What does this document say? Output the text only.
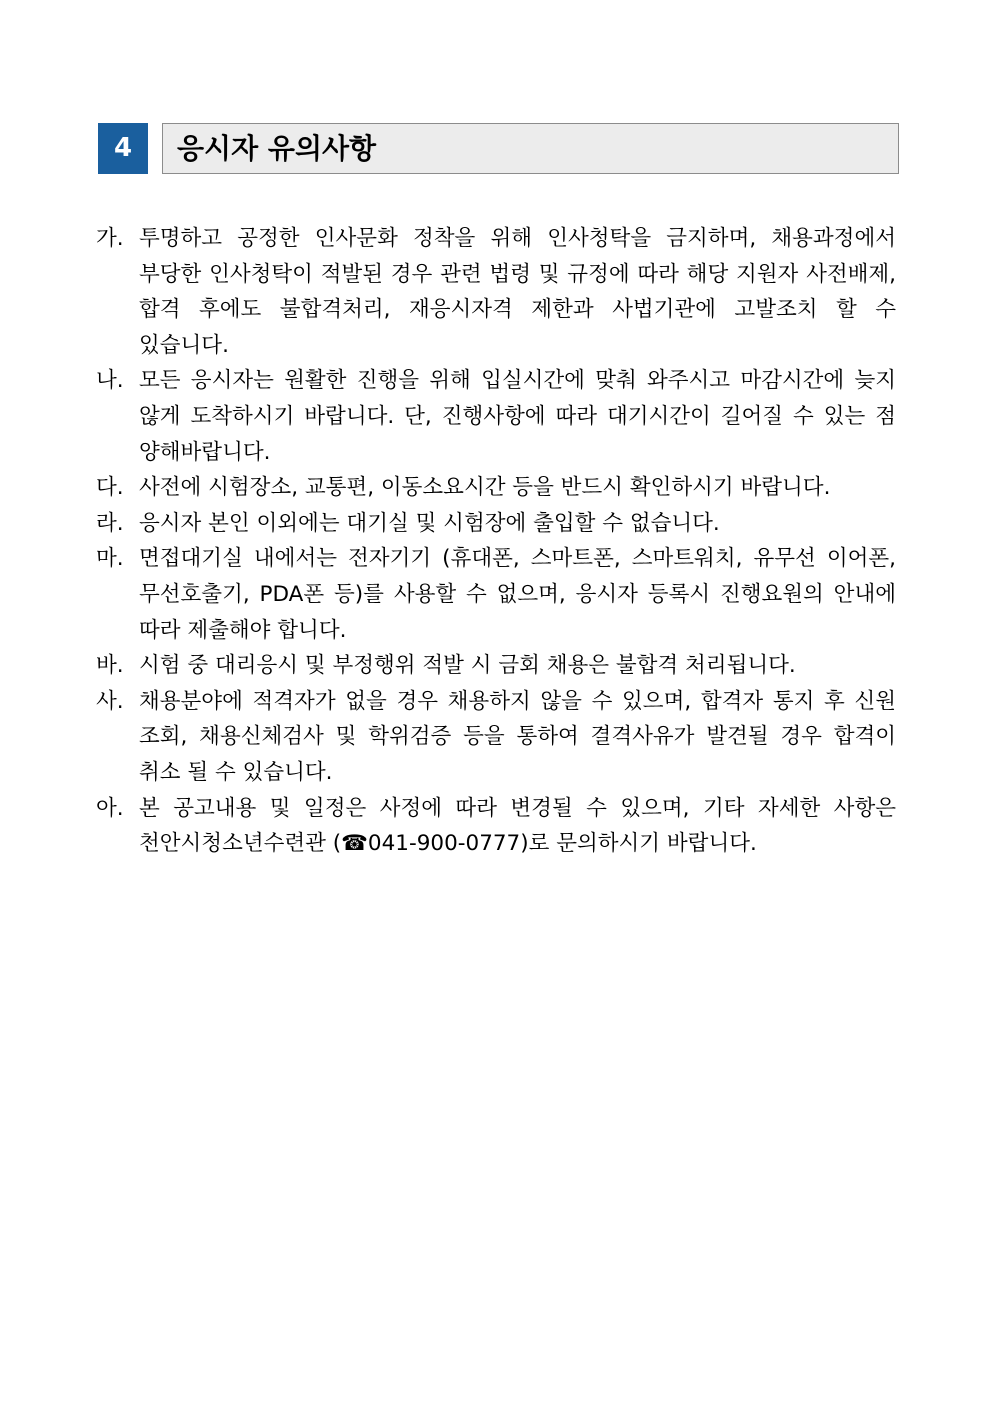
4	응시자 유의사항
가. 투명하고 공정한 인사문화 정착을 위해 인사청탁을 금지하며, 채용과정에서 부당한 인사청탁이 적발된 경우 관련 법령 및 규정에 따라 해당 지원자 사전배제, 합격 후에도 불합격처리, 재응시자격 제한과 사법기관에 고발조치 할 수 있습니다.
나. 모든 응시자는 원활한 진행을 위해 입실시간에 맞춰 와주시고 마감시간에 늦지 않게 도착하시기 바랍니다. 단, 진행사항에 따라 대기시간이 길어질 수 있는 점 양해바랍니다.
다. 사전에 시험장소, 교통편, 이동소요시간 등을 반드시 확인하시기 바랍니다.
라. 응시자 본인 이외에는 대기실 및 시험장에 출입할 수 없습니다.
마. 면접대기실 내에서는 전자기기 (휴대폰, 스마트폰, 스마트워치, 유무선 이어폰, 무선호출기, PDA폰 등)를 사용할 수 없으며, 응시자 등록시 진행요원의 안내에 따라 제출해야 합니다.
바. 시험 중 대리응시 및 부정행위 적발 시 금회 채용은 불합격 처리됩니다.
사. 채용분야에 적격자가 없을 경우 채용하지 않을 수 있으며, 합격자 통지 후 신원 조회, 채용신체검사 및 학위검증 등을 통하여 결격사유가 발견될 경우 합격이 취소 될 수 있습니다.
아. 본 공고내용 및 일정은 사정에 따라 변경될 수 있으며, 기타 자세한 사항은 천안시청소년수련관 (☎041-900-0777)로 문의하시기 바랍니다.
